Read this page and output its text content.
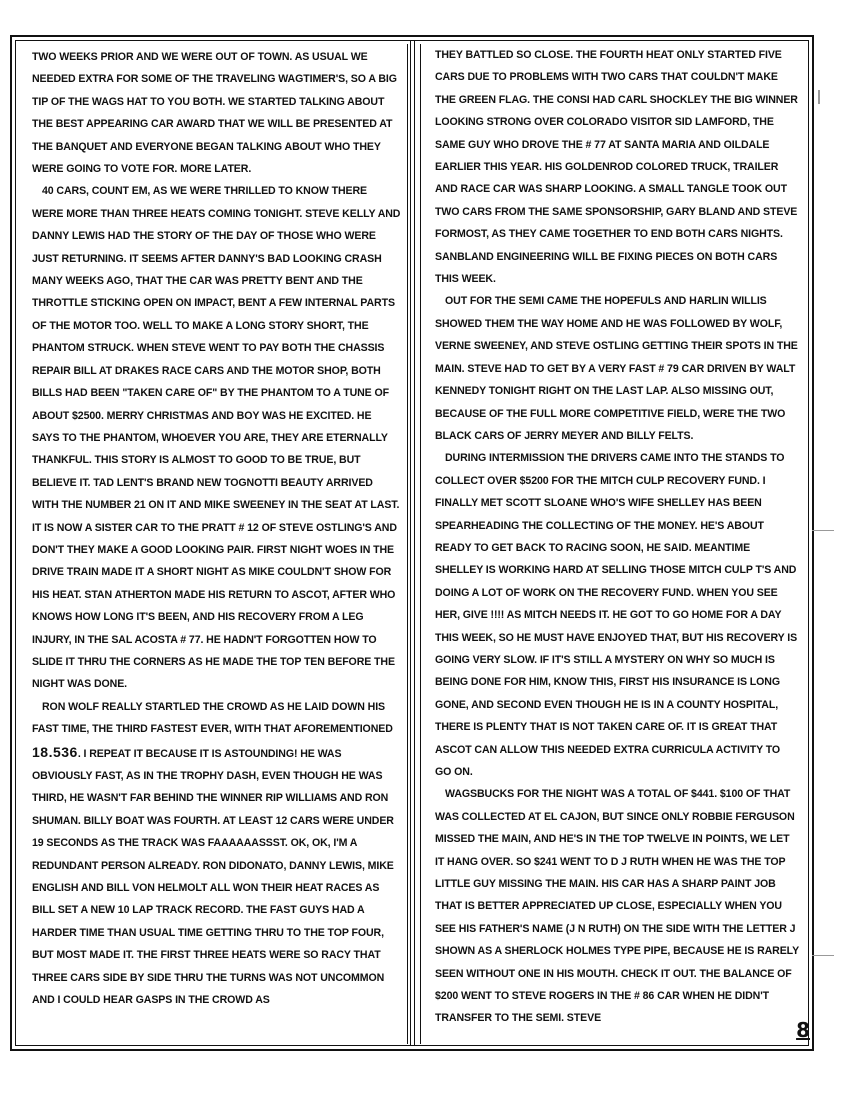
TWO WEEKS PRIOR AND WE WERE OUT OF TOWN. AS USUAL WE NEEDED EXTRA FOR SOME OF THE TRAVELING WAGTIMER'S, SO A BIG TIP OF THE WAGS HAT TO YOU BOTH. WE STARTED TALKING ABOUT THE BEST APPEARING CAR AWARD THAT WE WILL BE PRESENTED AT THE BANQUET AND EVERYONE BEGAN TALKING ABOUT WHO THEY WERE GOING TO VOTE FOR. MORE LATER.

40 CARS, COUNT EM, AS WE WERE THRILLED TO KNOW THERE WERE MORE THAN THREE HEATS COMING TONIGHT. STEVE KELLY AND DANNY LEWIS HAD THE STORY OF THE DAY OF THOSE WHO WERE JUST RETURNING. IT SEEMS AFTER DANNY'S BAD LOOKING CRASH MANY WEEKS AGO, THAT THE CAR WAS PRETTY BENT AND THE THROTTLE STICKING OPEN ON IMPACT, BENT A FEW INTERNAL PARTS OF THE MOTOR TOO. WELL TO MAKE A LONG STORY SHORT, THE PHANTOM STRUCK. WHEN STEVE WENT TO PAY BOTH THE CHASSIS REPAIR BILL AT DRAKES RACE CARS AND THE MOTOR SHOP, BOTH BILLS HAD BEEN "TAKEN CARE OF" BY THE PHANTOM TO A TUNE OF ABOUT $2500. MERRY CHRISTMAS AND BOY WAS HE EXCITED. HE SAYS TO THE PHANTOM, WHOEVER YOU ARE, THEY ARE ETERNALLY THANKFUL. THIS STORY IS ALMOST TO GOOD TO BE TRUE, BUT BELIEVE IT. TAD LENT'S BRAND NEW TOGNOTTI BEAUTY ARRIVED WITH THE NUMBER 21 ON IT AND MIKE SWEENEY IN THE SEAT AT LAST. IT IS NOW A SISTER CAR TO THE PRATT # 12 OF STEVE OSTLING'S AND DON'T THEY MAKE A GOOD LOOKING PAIR. FIRST NIGHT WOES IN THE DRIVE TRAIN MADE IT A SHORT NIGHT AS MIKE COULDN'T SHOW FOR HIS HEAT. STAN ATHERTON MADE HIS RETURN TO ASCOT, AFTER WHO KNOWS HOW LONG IT'S BEEN, AND HIS RECOVERY FROM A LEG INJURY, IN THE SAL ACOSTA # 77. HE HADN'T FORGOTTEN HOW TO SLIDE IT THRU THE CORNERS AS HE MADE THE TOP TEN BEFORE THE NIGHT WAS DONE.

RON WOLF REALLY STARTLED THE CROWD AS HE LAID DOWN HIS FAST TIME, THE THIRD FASTEST EVER, WITH THAT AFOREMENTIONED 18.536. I REPEAT IT BECAUSE IT IS ASTOUNDING! HE WAS OBVIOUSLY FAST, AS IN THE TROPHY DASH, EVEN THOUGH HE WAS THIRD, HE WASN'T FAR BEHIND THE WINNER RIP WILLIAMS AND RON SHUMAN. BILLY BOAT WAS FOURTH. AT LEAST 12 CARS WERE UNDER 19 SECONDS AS THE TRACK WAS FAAAAAASSST. OK, OK, I'M A REDUNDANT PERSON ALREADY. RON DIDONATO, DANNY LEWIS, MIKE ENGLISH AND BILL VON HELMOLT ALL WON THEIR HEAT RACES AS BILL SET A NEW 10 LAP TRACK RECORD. THE FAST GUYS HAD A HARDER TIME THAN USUAL TIME GETTING THRU TO THE TOP FOUR, BUT MOST MADE IT. THE FIRST THREE HEATS WERE SO RACY THAT THREE CARS SIDE BY SIDE THRU THE TURNS WAS NOT UNCOMMON AND I COULD HEAR GASPS IN THE CROWD AS

THEY BATTLED SO CLOSE. THE FOURTH HEAT ONLY STARTED FIVE CARS DUE TO PROBLEMS WITH TWO CARS THAT COULDN'T MAKE THE GREEN FLAG. THE CONSI HAD CARL SHOCKLEY THE BIG WINNER LOOKING STRONG OVER COLORADO VISITOR SID LAMFORD, THE SAME GUY WHO DROVE THE # 77 AT SANTA MARIA AND OILDALE EARLIER THIS YEAR. HIS GOLDENROD COLORED TRUCK, TRAILER AND RACE CAR WAS SHARP LOOKING. A SMALL TANGLE TOOK OUT TWO CARS FROM THE SAME SPONSORSHIP, GARY BLAND AND STEVE FORMOST, AS THEY CAME TOGETHER TO END BOTH CARS NIGHTS. SANBLAND ENGINEERING WILL BE FIXING PIECES ON BOTH CARS THIS WEEK.

OUT FOR THE SEMI CAME THE HOPEFULS AND HARLIN WILLIS SHOWED THEM THE WAY HOME AND HE WAS FOLLOWED BY WOLF, VERNE SWEENEY, AND STEVE OSTLING GETTING THEIR SPOTS IN THE MAIN. STEVE HAD TO GET BY A VERY FAST # 79 CAR DRIVEN BY WALT KENNEDY TONIGHT RIGHT ON THE LAST LAP. ALSO MISSING OUT, BECAUSE OF THE FULL MORE COMPETITIVE FIELD, WERE THE TWO BLACK CARS OF JERRY MEYER AND BILLY FELTS.

DURING INTERMISSION THE DRIVERS CAME INTO THE STANDS TO COLLECT OVER $5200 FOR THE MITCH CULP RECOVERY FUND. I FINALLY MET SCOTT SLOANE WHO'S WIFE SHELLEY HAS BEEN SPEARHEADING THE COLLECTING OF THE MONEY. HE'S ABOUT READY TO GET BACK TO RACING SOON, HE SAID. MEANTIME SHELLEY IS WORKING HARD AT SELLING THOSE MITCH CULP T'S AND DOING A LOT OF WORK ON THE RECOVERY FUND. WHEN YOU SEE HER, GIVE !!!! AS MITCH NEEDS IT. HE GOT TO GO HOME FOR A DAY THIS WEEK, SO HE MUST HAVE ENJOYED THAT, BUT HIS RECOVERY IS GOING VERY SLOW. IF IT'S STILL A MYSTERY ON WHY SO MUCH IS BEING DONE FOR HIM, KNOW THIS, FIRST HIS INSURANCE IS LONG GONE, AND SECOND EVEN THOUGH HE IS IN A COUNTY HOSPITAL, THERE IS PLENTY THAT IS NOT TAKEN CARE OF. IT IS GREAT THAT ASCOT CAN ALLOW THIS NEEDED EXTRA CURRICULA ACTIVITY TO GO ON.

WAGSBUCKS FOR THE NIGHT WAS A TOTAL OF $441. $100 OF THAT WAS COLLECTED AT EL CAJON, BUT SINCE ONLY ROBBIE FERGUSON MISSED THE MAIN, AND HE'S IN THE TOP TWELVE IN POINTS, WE LET IT HANG OVER. SO $241 WENT TO D J RUTH WHEN HE WAS THE TOP LITTLE GUY MISSING THE MAIN. HIS CAR HAS A SHARP PAINT JOB THAT IS BETTER APPRECIATED UP CLOSE, ESPECIALLY WHEN YOU SEE HIS FATHER'S NAME (J N RUTH) ON THE SIDE WITH THE LETTER J SHOWN AS A SHERLOCK HOLMES TYPE PIPE, BECAUSE HE IS RARELY SEEN WITHOUT ONE IN HIS MOUTH. CHECK IT OUT. THE BALANCE OF $200 WENT TO STEVE ROGERS IN THE # 86 CAR WHEN HE DIDN'T TRANSFER TO THE SEMI. STEVE	8
